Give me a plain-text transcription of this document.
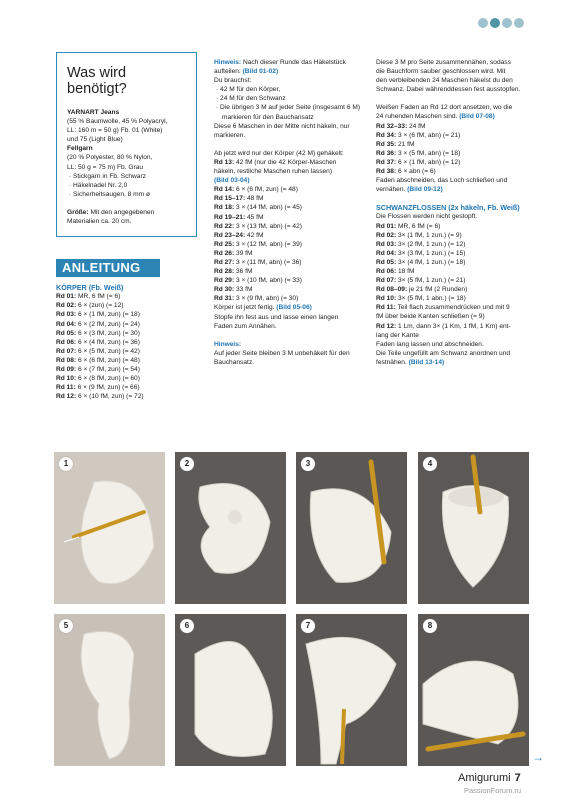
Was wird benötigt?
YARNART Jeans
(55 % Baumwolle, 45 % Polyacryl,
LL: 160 m = 50 g) Fb. 01 (White)
und 75 (Light Blue)
Fellgarn
(20 % Polyester, 80 % Nylon,
LL: 50 g = 75 m) Fb. Grau
· Stickgarn in Fb. Schwarz
· Häkelnadel Nr. 2,0
· Sicherheitsaugen, 8 mm ø
Größe: Mit den angegebenen
Materialien ca. 20 cm.
ANLEITUNG
KÖRPER (Fb. Weiß)
Rd 01: MR, 6 fM (= 6)
Rd 02: 6 × (zun) (= 12)
Rd 03: 6 × (1 fM, zun) (= 18)
Rd 04: 6 × (2 fM, zun) (= 24)
Rd 05: 6 × (3 fM, zun) (= 30)
Rd 06: 6 × (4 fM, zun) (= 36)
Rd 07: 6 × (5 fM, zun) (= 42)
Rd 08: 6 × (6 fM, zun) (= 48)
Rd 09: 6 × (7 fM, zun) (= 54)
Rd 10: 6 × (8 fM, zun) (= 60)
Rd 11: 6 × (9 fM, zun) (= 66)
Rd 12: 6 × (10 fM, zun) (= 72)
Hinweis: Nach dieser Runde das Häkelstück
aufteilen. (Bild 01-02)
Du brauchst:
· 42 M für den Körper,
· 24 M für den Schwanz
· Die übrigen 3 M auf jeder Seite (insgesamt 6 M)
markieren für den Bauchansatz
Diese 6 Maschen in der Mitte nicht häkeln, nur
markieren.
Ab jetzt wird nur der Körper (42 M) gehäkelt:
Rd 13: 42 fM (nur die 42 Körper-Maschen
häkeln, restliche Maschen ruhen lassen)
(Bild 03-04)
Rd 14: 6 × (6 fM, zun) (= 48)
Rd 15–17: 48 fM
Rd 18: 3 × (14 fM, abn) (= 45)
Rd 19–21: 45 fM
Rd 22: 3 × (13 fM, abn) (= 42)
Rd 23–24: 42 fM
Rd 25: 3 × (12 fM, abn) (= 39)
Rd 26: 39 fM
Rd 27: 3 × (11 fM, abn) (= 36)
Rd 28: 36 fM
Rd 29: 3 × (10 fM, abn) (= 33)
Rd 30: 33 fM
Rd 31: 3 × (9 fM, abn) (= 30)
Körper ist jetzt fertig. (Bild 05-06)
Stopfe ihn fest aus und lasse einen langen
Faden zum Annähen.
Hinweis:
Auf jeder Seite bleiben 3 M unbehäkelt für den
Bauchansatz.
Diese 3 M pro Seite zusammennähen, sodass
die Bauchform sauber geschlossen wird. Mit
den verbleibenden 24 Maschen häkelst du den
Schwanz. Dabei währenddessen fest ausstopfen.
Weißen Faden an Rd 12 dort ansetzen, wo die
24 ruhenden Maschen sind. (Bild 07-08)
Rd 32–33: 24 fM
Rd 34: 3 × (6 fM, abn) (= 21)
Rd 35: 21 fM
Rd 36: 3 × (5 fM, abn) (= 18)
Rd 37: 6 × (1 fM, abn) (= 12)
Rd 38: 6 × abn (= 6)
Faden abschneiden, das Loch schließen und
vernähen. (Bild 09-12)
SCHWANZFLOSSEN (2x häkeln, Fb. Weiß)
Die Flossen werden nicht gestopft.
Rd 01: MR, 6 fM (= 6)
Rd 02: 3× (1 fM, 1 zun.) (= 9)
Rd 03: 3× (2 fM, 1 zun.) (= 12)
Rd 04: 3× (3 fM, 1 zun.) (= 15)
Rd 05: 3× (4 fM, 1 zun.) (= 18)
Rd 06: 18 fM
Rd 07: 3× (5 fM, 1 zun.) (= 21)
Rd 08–09: je 21 fM (2 Runden)
Rd 10: 3× (5 fM, 1 abn.) (= 18)
Rd 11: Teil flach zusammendrücken und mit 9
fM über beide Kanten schließen (= 9)
Rd 12: 1 Lm, dann 3× (1 Km, 1 fM, 1 Km) ent-
lang der Kante
Faden lang lassen und abschneiden.
Die Teile ungefüllt am Schwanz anordnen und
festnähen. (Bild 13-14)
1	2	3	4
5	6	7	8
→
Amigurumi 7
PassionForum.ru
